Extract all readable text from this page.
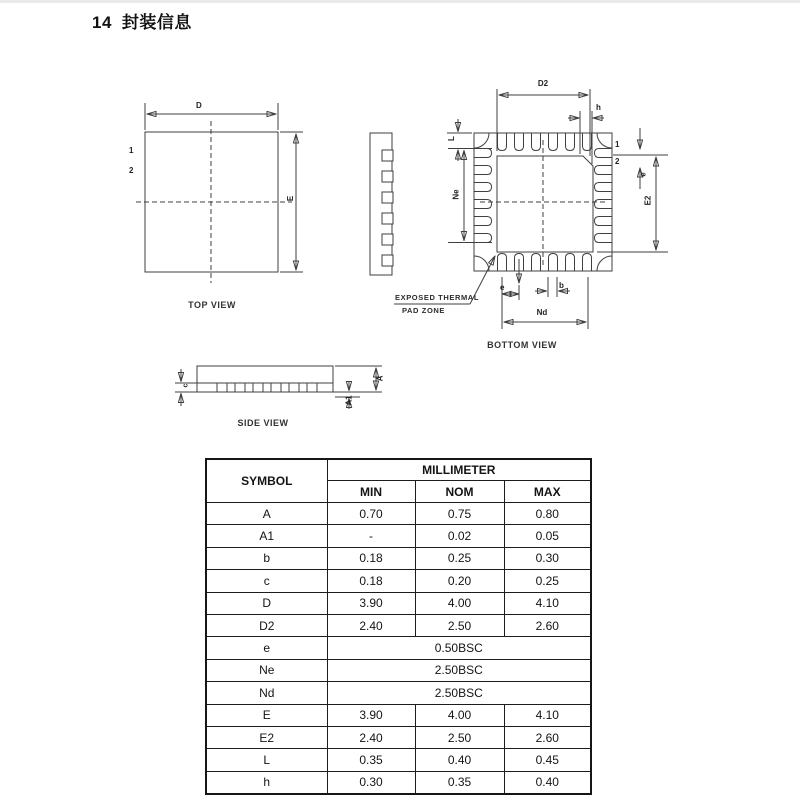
14 封装信息
D
E
1
2
TOP VIEW
D2
h
L
Ne
1
2
e
E2
e	b
Nd
EXPOSED THERMAL
PAD ZONE
BOTTOM VIEW
c
A
A1
SIDE VIEW
SYMBOL	MILLIMETER		
	MIN	NOM	MAX
A	0.70	0.75	0.80
A1	-	0.02	0.05
b	0.18	0.25	0.30
c	0.18	0.20	0.25
D	3.90	4.00	4.10
D2	2.40	2.50	2.60
e	0.50BSC		
Ne	2.50BSC		
Nd	2.50BSC		
E	3.90	4.00	4.10
E2	2.40	2.50	2.60
L	0.35	0.40	0.45
h	0.30	0.35	0.40
